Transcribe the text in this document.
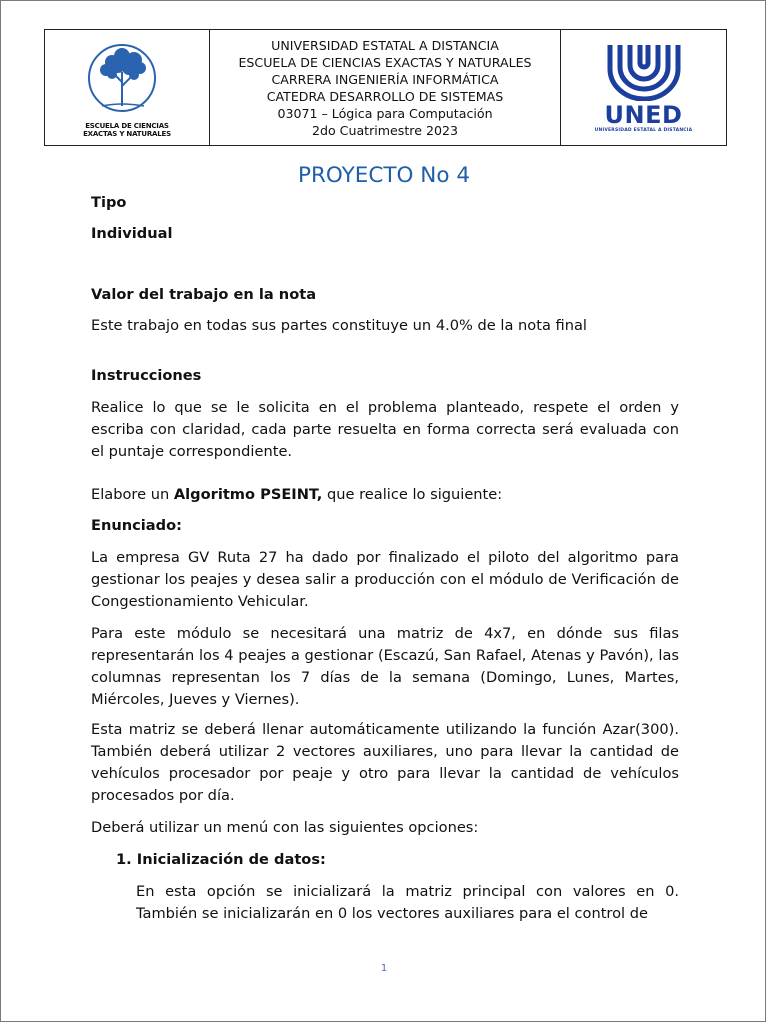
ESCUELA DE CIENCIAS
EXACTAS Y NATURALES
UNIVERSIDAD ESTATAL A DISTANCIA
ESCUELA DE CIENCIAS EXACTAS Y NATURALES
CARRERA INGENIERÍA INFORMÁTICA
CATEDRA DESARROLLO DE SISTEMAS
03071 – Lógica para Computación
2do Cuatrimestre 2023
UNED
UNIVERSIDAD ESTATAL A DISTANCIA
PROYECTO No 4
Tipo
Individual
Valor del trabajo en la nota
Este trabajo en todas sus partes constituye un 4.0% de la nota final
Instrucciones
Realice lo que se le solicita en el problema planteado, respete el orden y escriba con claridad, cada parte resuelta en forma correcta será evaluada con el puntaje correspondiente.
Elabore un Algoritmo PSEINT, que realice lo siguiente:
Enunciado:
La empresa GV Ruta 27 ha dado por finalizado el piloto del algoritmo para gestionar los peajes y desea salir a producción con el módulo de Verificación de Congestionamiento Vehicular.
Para este módulo se necesitará una matriz de 4x7, en dónde sus filas representarán los 4 peajes a gestionar (Escazú, San Rafael, Atenas y Pavón), las columnas representan los 7 días de la semana (Domingo, Lunes, Martes, Miércoles, Jueves y Viernes).
Esta matriz se deberá llenar automáticamente utilizando la función Azar(300). También deberá utilizar 2 vectores auxiliares, uno para llevar la cantidad de vehículos procesador por peaje y otro para llevar la cantidad de vehículos procesados por día.
Deberá utilizar un menú con las siguientes opciones:
1. Inicialización de datos:
En esta opción se inicializará la matriz principal con valores en 0. También se inicializarán en 0 los vectores auxiliares para el control de
1
